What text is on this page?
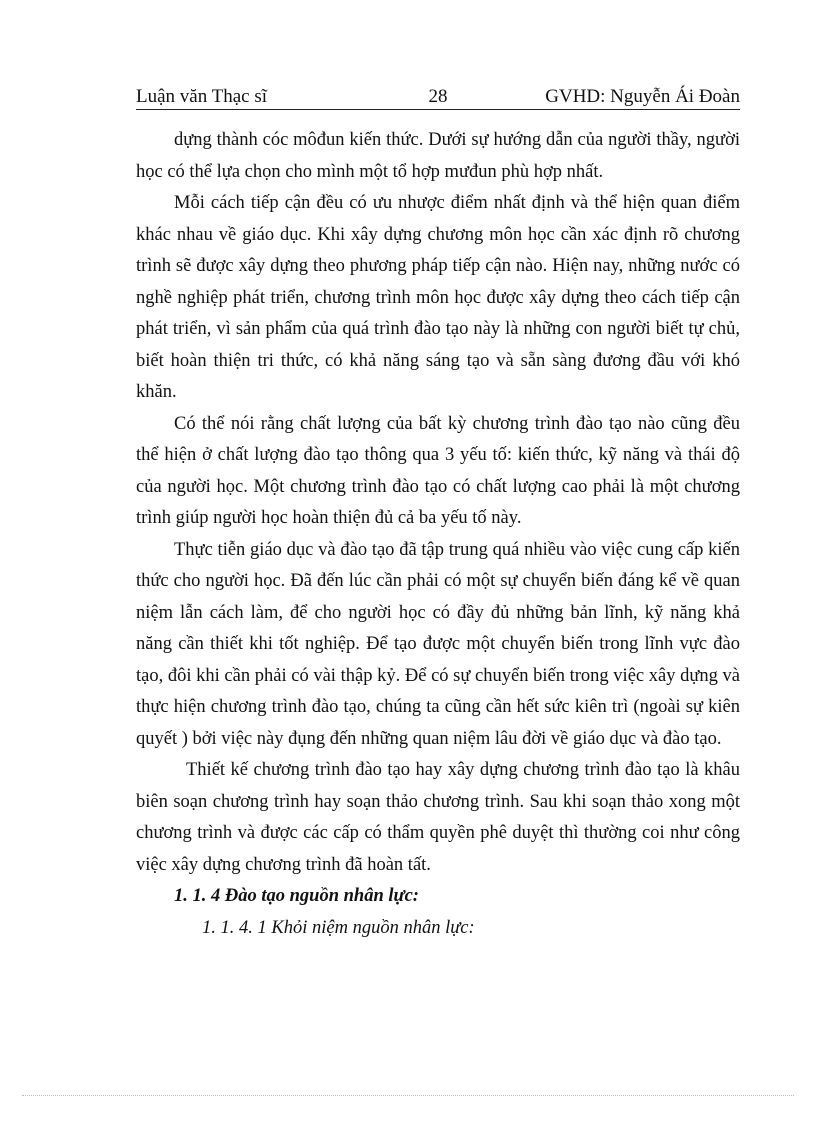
28
Luận văn Thạc sĩ	GVHD: Nguyễn Ái Đoàn

dựng thành cóc môđun kiến thức. Dưới sự hướng dẫn của người thầy, người học có thể lựa chọn cho mình một tổ hợp mưđun phù hợp nhất.

Mỗi cách tiếp cận đều có ưu nhược điểm nhất định và thể hiện quan điểm khác nhau về giáo dục. Khi xây dựng chương môn học cần xác định rõ chương trình sẽ được xây dựng theo phương pháp tiếp cận nào. Hiện nay, những nước có nghề nghiệp phát triển, chương trình môn học được xây dựng theo cách tiếp cận phát triển, vì sản phẩm của quá trình đào tạo này là những con người biết tự chủ, biết hoàn thiện tri thức, có khả năng sáng tạo và sẵn sàng đương đầu với khó khăn.

Có thể nói rằng chất lượng của bất kỳ chương trình đào tạo nào cũng đều thể hiện ở chất lượng đào tạo thông qua 3 yếu tố: kiến thức, kỹ năng và thái độ của người học. Một chương trình đào tạo có chất lượng cao phải là một chương trình giúp người học hoàn thiện đủ cả ba yếu tố này.

Thực tiễn giáo dục và đào tạo đã tập trung quá nhiều vào việc cung cấp kiến thức cho người học. Đã đến lúc cần phải có một sự chuyển biến đáng kể về quan niệm lẫn cách làm, để cho người học có đầy đủ những bản lĩnh, kỹ năng khả năng cần thiết khi tốt nghiệp. Để tạo được một chuyển biến trong lĩnh vực đào tạo, đôi khi cần phải có vài thập kỷ. Để có sự chuyển biến trong việc xây dựng và thực hiện chương trình đào tạo, chúng ta cũng cần hết sức kiên trì (ngoài sự kiên quyết ) bởi việc này đụng đến những quan niệm lâu đời về giáo dục và đào tạo.

Thiết kế chương trình đào tạo hay xây dựng chương trình đào tạo là khâu biên soạn chương trình hay soạn thảo chương trình. Sau khi soạn thảo xong một chương trình và được các cấp có thẩm quyền phê duyệt thì thường coi như công việc xây dựng chương trình đã hoàn tất.

1. 1. 4 Đào tạo nguồn nhân lực:

1. 1. 4. 1 Khỏi niệm nguồn nhân lực:
